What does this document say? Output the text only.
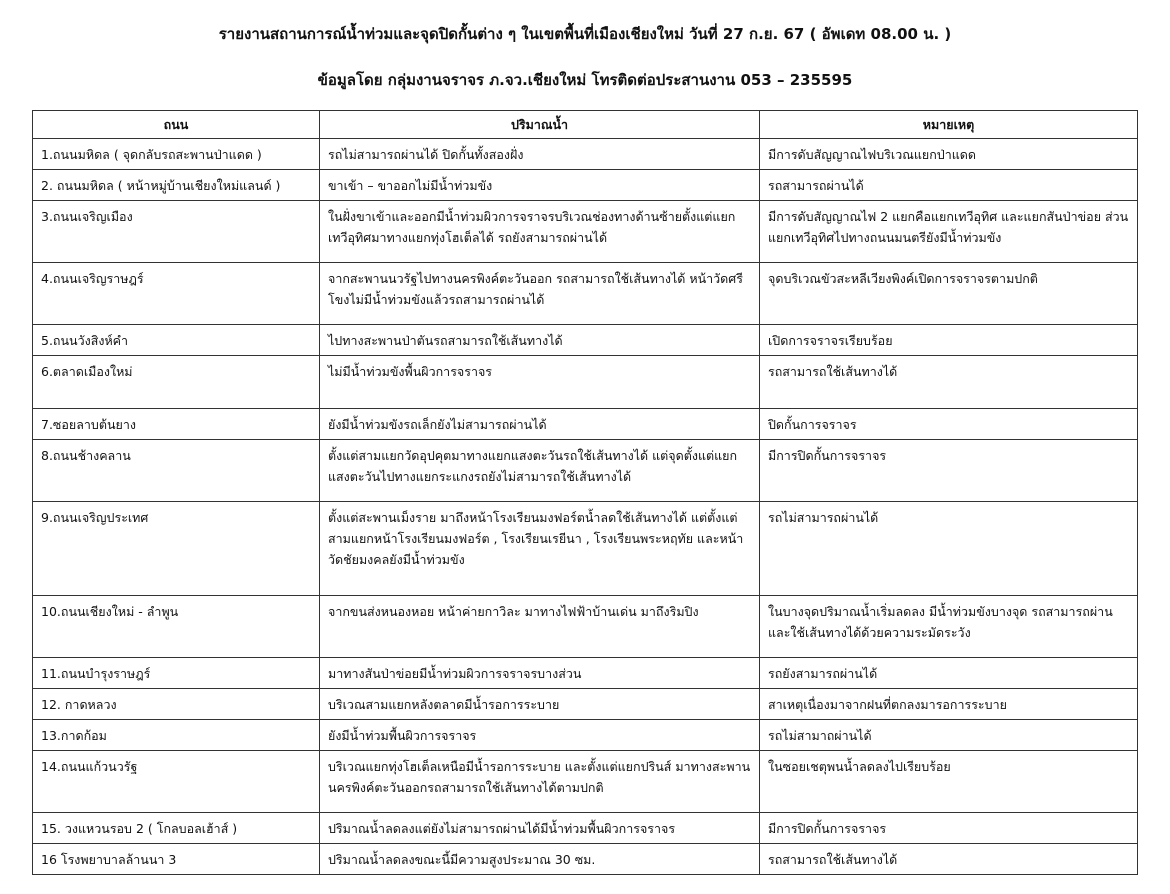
รายงานสถานการณ์น้ำท่วมและจุดปิดกั้นต่าง ๆ ในเขตพื้นที่เมืองเชียงใหม่ วันที่ 27 ก.ย. 67 ( อัพเดท 08.00 น. )
ข้อมูลโดย กลุ่มงานจราจร ภ.จว.เชียงใหม่ โทรติดต่อประสานงาน 053 – 235595
ถนน	ปริมาณน้ำ	หมายเหตุ
1.ถนนมหิดล ( จุดกลับรถสะพานป่าแดด )	รถไม่สามารถผ่านได้ ปิดกั้นทั้งสองฝั่ง	มีการดับสัญญาณไฟบริเวณแยกป่าแดด
2. ถนนมหิดล ( หน้าหมู่บ้านเชียงใหม่แลนด์ )	ขาเข้า – ขาออกไม่มีน้ำท่วมขัง	รถสามารถผ่านได้
3.ถนนเจริญเมือง	ในฝั่งขาเข้าและออกมีน้ำท่วมผิวการจราจรบริเวณช่องทางด้านซ้ายตั้งแต่แยกเทวีอุทิศมาทางแยกทุ่งโฮเต็ลได้ รถยังสามารถผ่านได้	มีการดับสัญญาณไฟ 2 แยกคือแยกเทวีอุทิศ และแยกสันป่าข่อย ส่วนแยกเทวีอุทิศไปทางถนนมนตรียังมีน้ำท่วมขัง
4.ถนนเจริญราษฎร์	จากสะพานนวรัฐไปทางนครพิงค์ตะวันออก รถสามารถใช้เส้นทางได้ หน้าวัดศรีโขงไม่มีน้ำท่วมขังแล้วรถสามารถผ่านได้	จุดบริเวณขัวสะหลีเวียงพิงค์เปิดการจราจรตามปกติ
5.ถนนวังสิงห์คำ	ไปทางสะพานป่าตันรถสามารถใช้เส้นทางได้	เปิดการจราจรเรียบร้อย
6.ตลาดเมืองใหม่	ไม่มีน้ำท่วมขังพื้นผิวการจราจร	รถสามารถใช้เส้นทางได้
7.ซอยลาบต้นยาง	ยังมีน้ำท่วมขังรถเล็กยังไม่สามารถผ่านได้	ปิดกั้นการจราจร
8.ถนนช้างคลาน	ตั้งแต่สามแยกวัดอุปคุตมาทางแยกแสงตะวันรถใช้เส้นทางได้ แต่จุดตั้งแต่แยกแสงตะวันไปทางแยกระแกงรถยังไม่สามารถใช้เส้นทางได้	มีการปิดกั้นการจราจร
9.ถนนเจริญประเทศ	ตั้งแต่สะพานเม็งราย มาถึงหน้าโรงเรียนมงฟอร์ตน้ำลดใช้เส้นทางได้ แต่ตั้งแต่สามแยกหน้าโรงเรียนมงฟอร์ต , โรงเรียนเรยีนา , โรงเรียนพระหฤทัย และหน้าวัดชัยมงคลยังมีน้ำท่วมขัง	รถไม่สามารถผ่านได้
10.ถนนเชียงใหม่ - ลำพูน	จากขนส่งหนองหอย หน้าค่ายกาวิละ มาทางไฟฟ้าบ้านเด่น มาถึงริมปิง	ในบางจุดปริมาณน้ำเริ่มลดลง มีน้ำท่วมขังบางจุด รถสามารถผ่านและใช้เส้นทางได้ด้วยความระมัดระวัง
11.ถนนบำรุงราษฎร์	มาทางสันป่าข่อยมีน้ำท่วมผิวการจราจรบางส่วน	รถยังสามารถผ่านได้
12. กาดหลวง	บริเวณสามแยกหลังตลาดมีน้ำรอการระบาย	สาเหตุเนื่องมาจากฝนที่ตกลงมารอการระบาย
13.กาดก้อม	ยังมีน้ำท่วมพื้นผิวการจราจร	รถไม่สามาถผ่านได้
14.ถนนแก้วนวรัฐ	บริเวณแยกทุ่งโฮเต็ลเหนือมีน้ำรอการระบาย และตั้งแต่แยกปรินส์ มาทางสะพานนครพิงค์ตะวันออกรถสามารถใช้เส้นทางได้ตามปกติ	ในซอยเชตุพนน้ำลดลงไปเรียบร้อย
15. วงแหวนรอบ 2 ( โกลบอลเฮ้าส์ )	ปริมาณน้ำลดลงแต่ยังไม่สามารถผ่านได้มีน้ำท่วมพื้นผิวการจราจร	มีการปิดกั้นการจราจร
16 โรงพยาบาลล้านนา 3	ปริมาณน้ำลดลงขณะนี้มีความสูงประมาณ 30 ซม.	รถสามารถใช้เส้นทางได้
